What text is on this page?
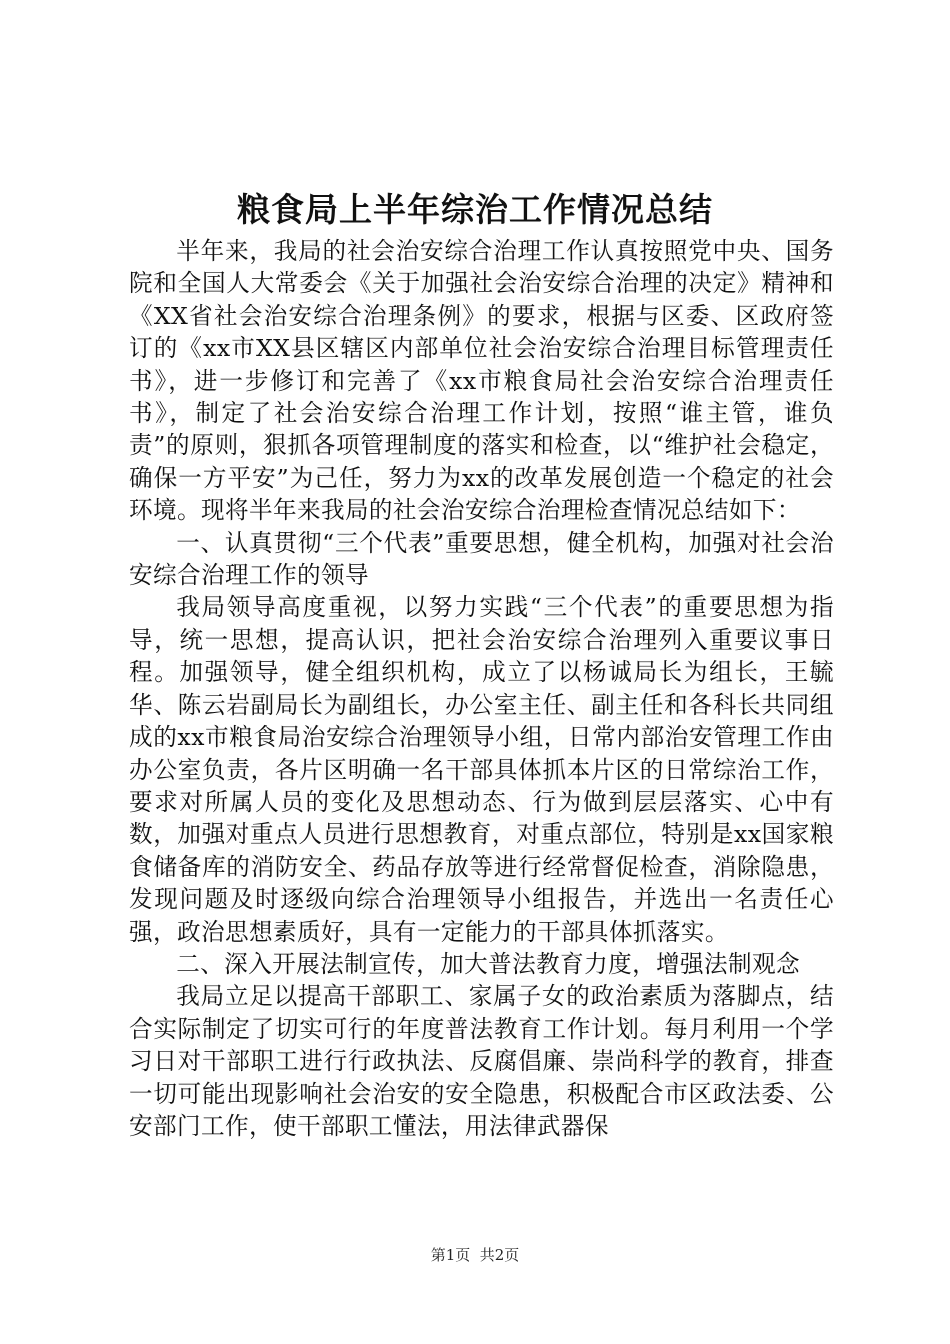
粮食局上半年综治工作情况总结

半年来，我局的社会治安综合治理工作认真按照党中央、国务院和全国人大常委会《关于加强社会治安综合治理的决定》精神和《XX省社会治安综合治理条例》的要求，根据与区委、区政府签订的《xx市XX县区辖区内部单位社会治安综合治理目标管理责任书》，进一步修订和完善了《xx市粮食局社会治安综合治理责任书》，制定了社会治安综合治理工作计划，按照“谁主管，谁负责”的原则，狠抓各项管理制度的落实和检查，以“维护社会稳定，确保一方平安”为己任，努力为xx的改革发展创造一个稳定的社会环境。现将半年来我局的社会治安综合治理检查情况总结如下：

一、认真贯彻“三个代表”重要思想，健全机构，加强对社会治安综合治理工作的领导

我局领导高度重视，以努力实践“三个代表”的重要思想为指导，统一思想，提高认识，把社会治安综合治理列入重要议事日程。加强领导，健全组织机构，成立了以杨诚局长为组长，王毓华、陈云岩副局长为副组长，办公室主任、副主任和各科长共同组成的xx市粮食局治安综合治理领导小组，日常内部治安管理工作由办公室负责，各片区明确一名干部具体抓本片区的日常综治工作，要求对所属人员的变化及思想动态、行为做到层层落实、心中有数，加强对重点人员进行思想教育，对重点部位，特别是xx国家粮食储备库的消防安全、药品存放等进行经常督促检查，消除隐患，发现问题及时逐级向综合治理领导小组报告，并选出一名责任心强，政治思想素质好，具有一定能力的干部具体抓落实。

二、深入开展法制宣传，加大普法教育力度，增强法制观念

我局立足以提高干部职工、家属子女的政治素质为落脚点，结合实际制定了切实可行的年度普法教育工作计划。每月利用一个学习日对干部职工进行行政执法、反腐倡廉、崇尚科学的教育，排查一切可能出现影响社会治安的安全隐患，积极配合市区政法委、公安部门工作，使干部职工懂法，用法律武器保

第1页  共2页
